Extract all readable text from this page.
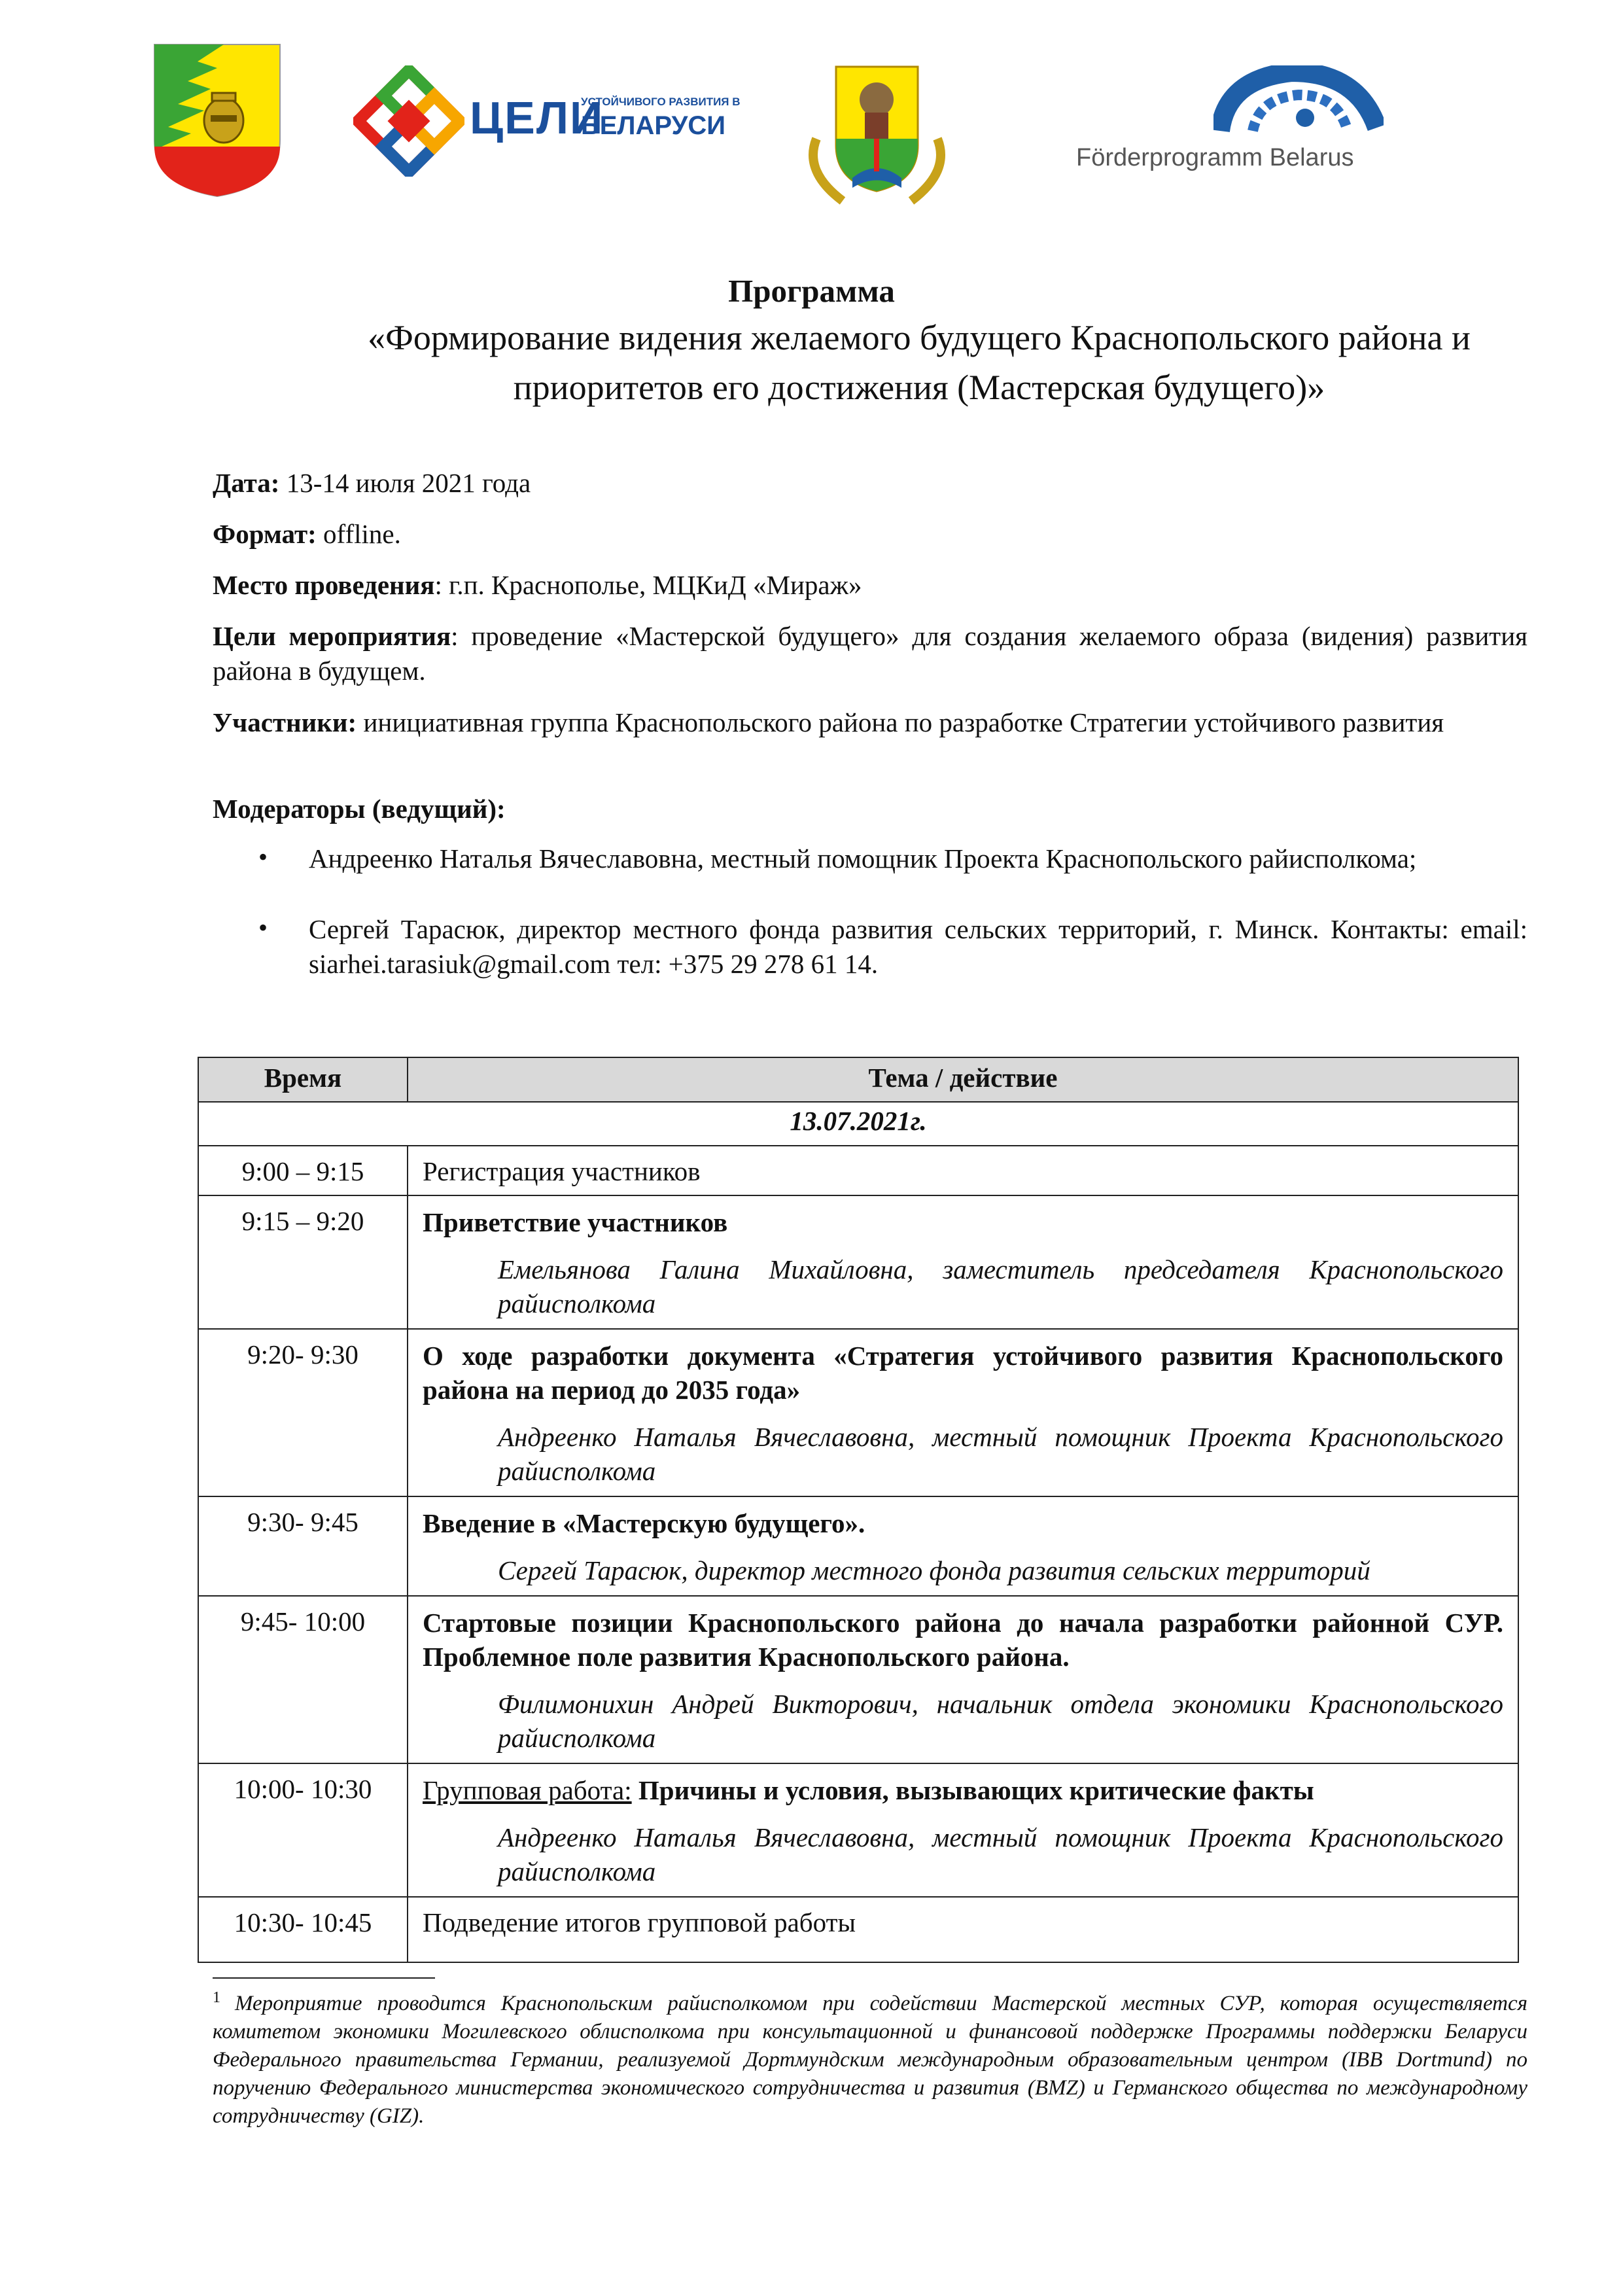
УСТОЙЧИВОГО РАЗВИТИЯ В
ЦЕЛИ
БЕЛАРУСИ
Förderprogramm Belarus
Программа
«Формирование видения желаемого будущего Краснопольского района и
приоритетов его достижения (Мастерская будущего)»
Дата: 13-14 июля 2021 года
Формат: offline.
Место проведения: г.п. Краснополье, МЦКиД «Мираж»
Цели мероприятия: проведение «Мастерской будущего» для создания желаемого образа (видения) развития района в будущем.
Участники: инициативная группа Краснопольского района по разработке Стратегии устойчивого развития
Модераторы (ведущий):
•	Андреенко Наталья Вячеславовна, местный помощник Проекта Краснопольского райисполкома;
•	Сергей Тарасюк, директор местного фонда развития сельских территорий, г. Минск. Контакты: email: siarhei.tarasiuk@gmail.com тел: +375 29 278 61 14.
Время	Тема / действие
13.07.2021г.	
9:00 – 9:15	Регистрация участников
9:15 – 9:20	Приветствие участников
Емельянова Галина Михайловна, заместитель председателя Краснопольского райисполкома

9:20- 9:30	О ходе разработки документа «Стратегия устойчивого развития Краснопольского района на период до 2035 года»
Андреенко Наталья Вячеславовна, местный помощник Проекта Краснопольского райисполкома

9:30- 9:45	Введение в «Мастерскую будущего».
Сергей Тарасюк, директор местного фонда развития сельских территорий

9:45- 10:00	Стартовые позиции Краснопольского района до начала разработки районной СУР. Проблемное поле развития Краснопольского района.
Филимонихин Андрей Викторович, начальник отдела экономики Краснопольского райисполкома

10:00- 10:30	Групповая работа: Причины и условия, вызывающих критические факты
Андреенко Наталья Вячеславовна, местный помощник Проекта Краснопольского райисполкома

10:30- 10:45	Подведение итогов групповой работы
$^1$ Мероприятие проводится Краснопольским райисполкомом при содействии Мастерской местных СУР, которая осуществляется комитетом экономики Могилевского облисполкома при консультационной и финансовой поддержке Программы поддержки Беларуси Федерального правительства Германии, реализуемой Дортмундским международным образовательным центром (IBB Dortmund) по поручению Федерального министерства экономического сотрудничества и развития (BMZ) и Германского общества по международному сотрудничеству (GIZ).
